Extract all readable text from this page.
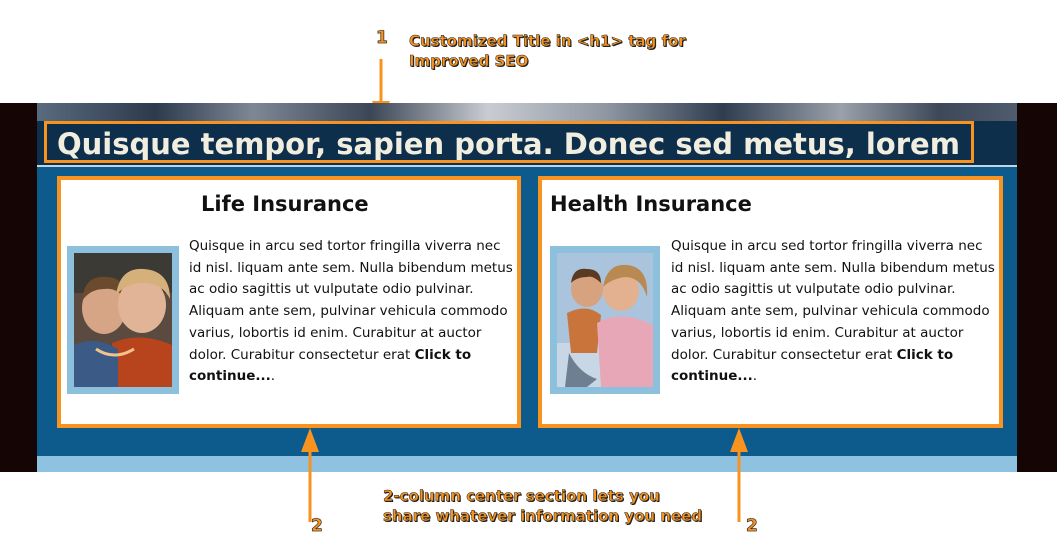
1 Customized Title in <h1> tag for
Improved SEO
Quisque tempor, sapien porta. Donec sed metus, lorem
Life Insurance
Quisque in arcu sed tortor fringilla viverra nec id nisl. liquam ante sem. Nulla bibendum metus ac odio sagittis ut vulputate odio pulvinar. Aliquam ante sem, pulvinar vehicula commodo varius, lobortis id enim. Curabitur at auctor dolor. Curabitur consectetur erat Click to continue....
Health Insurance
Quisque in arcu sed tortor fringilla viverra nec id nisl. liquam ante sem. Nulla bibendum metus ac odio sagittis ut vulputate odio pulvinar. Aliquam ante sem, pulvinar vehicula commodo varius, lobortis id enim. Curabitur at auctor dolor. Curabitur consectetur erat Click to continue....
2	2
2-column center section lets you
share whatever information you need
